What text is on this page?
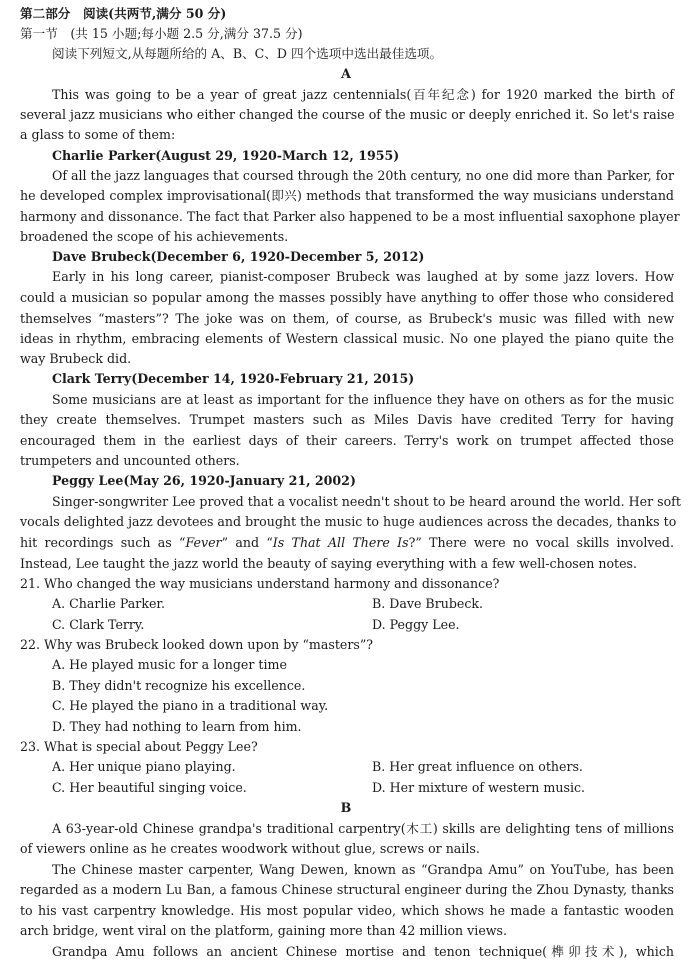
第二部分　阅读(共两节,满分 50 分)
第一节　(共 15 小题;每小题 2.5 分,满分 37.5 分)
阅读下列短文,从每题所给的 A、B、C、D 四个选项中选出最佳选项。
A
This was going to be a year of great jazz centennials(百年纪念) for 1920 marked the birth of
several jazz musicians who either changed the course of the music or deeply enriched it. So let's raise
a glass to some of them:
Charlie Parker(August 29, 1920-March 12, 1955)
Of all the jazz languages that coursed through the 20th century, no one did more than Parker, for
he developed complex improvisational(即兴) methods that transformed the way musicians understand
harmony and dissonance. The fact that Parker also happened to be a most influential saxophone player
broadened the scope of his achievements.
Dave Brubeck(December 6, 1920-December 5, 2012)
Early in his long career, pianist-composer Brubeck was laughed at by some jazz lovers. How
could a musician so popular among the masses possibly have anything to offer those who considered
themselves “masters”? The joke was on them, of course, as Brubeck's music was filled with new
ideas in rhythm, embracing elements of Western classical music. No one played the piano quite the
way Brubeck did.
Clark Terry(December 14, 1920-February 21, 2015)
Some musicians are at least as important for the influence they have on others as for the music
they create themselves. Trumpet masters such as Miles Davis have credited Terry for having
encouraged them in the earliest days of their careers. Terry's work on trumpet affected those
trumpeters and uncounted others.
Peggy Lee(May 26, 1920-January 21, 2002)
Singer-songwriter Lee proved that a vocalist needn't shout to be heard around the world. Her soft
vocals delighted jazz devotees and brought the music to huge audiences across the decades, thanks to
hit recordings such as “Fever” and “Is That All There Is?” There were no vocal skills involved.
Instead, Lee taught the jazz world the beauty of saying everything with a few well-chosen notes.
21. Who changed the way musicians understand harmony and dissonance?
A. Charlie Parker.	B. Dave Brubeck.
C. Clark Terry.	D. Peggy Lee.
22. Why was Brubeck looked down upon by “masters”?
A. He played music for a longer time
B. They didn't recognize his excellence.
C. He played the piano in a traditional way.
D. They had nothing to learn from him.
23. What is special about Peggy Lee?
A. Her unique piano playing.	B. Her great influence on others.
C. Her beautiful singing voice.	D. Her mixture of western music.
B
A 63-year-old Chinese grandpa's traditional carpentry(木工) skills are delighting tens of millions
of viewers online as he creates woodwork without glue, screws or nails.
The Chinese master carpenter, Wang Dewen, known as “Grandpa Amu” on YouTube, has been
regarded as a modern Lu Ban, a famous Chinese structural engineer during the Zhou Dynasty, thanks
to his vast carpentry knowledge. His most popular video, which shows he made a fantastic wooden
arch bridge, went viral on the platform, gaining more than 42 million views.
Grandpa Amu follows an ancient Chinese mortise and tenon technique(榫卯技术), which
